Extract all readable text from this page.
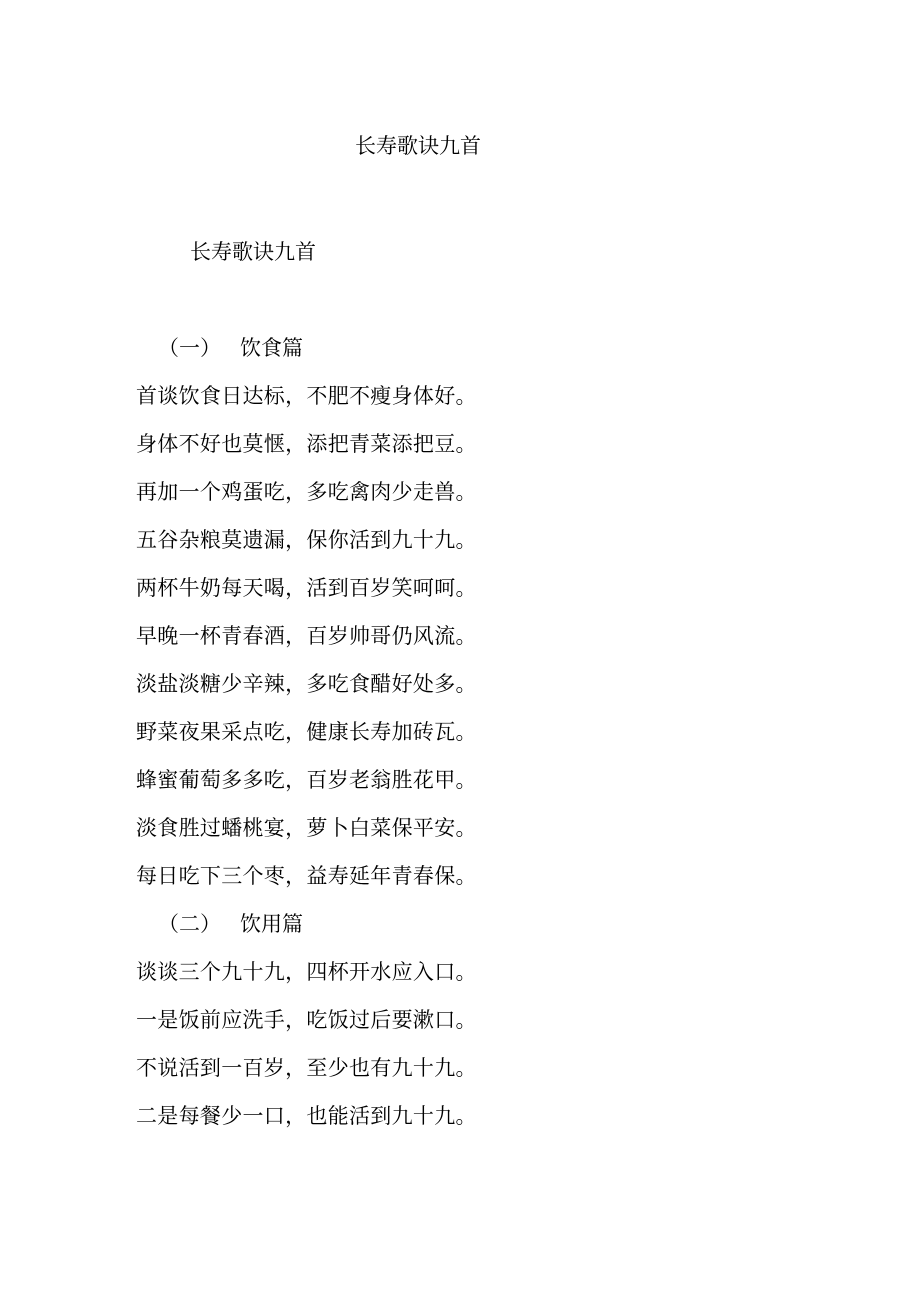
长寿歌诀九首
长寿歌诀九首
（一） 饮食篇
首谈饮食日达标，不肥不瘦身体好。
身体不好也莫惬，添把青菜添把豆。
再加一个鸡蛋吃，多吃禽肉少走兽。
五谷杂粮莫遗漏，保你活到九十九。
两杯牛奶每天喝，活到百岁笑呵呵。
早晚一杯青春酒，百岁帅哥仍风流。
淡盐淡糖少辛辣，多吃食醋好处多。
野菜夜果采点吃，健康长寿加砖瓦。
蜂蜜葡萄多多吃，百岁老翁胜花甲。
淡食胜过蟠桃宴，萝卜白菜保平安。
每日吃下三个枣，益寿延年青春保。
（二） 饮用篇
谈谈三个九十九，四杯开水应入口。
一是饭前应洗手，吃饭过后要漱口。
不说活到一百岁，至少也有九十九。
二是每餐少一口，也能活到九十九。
